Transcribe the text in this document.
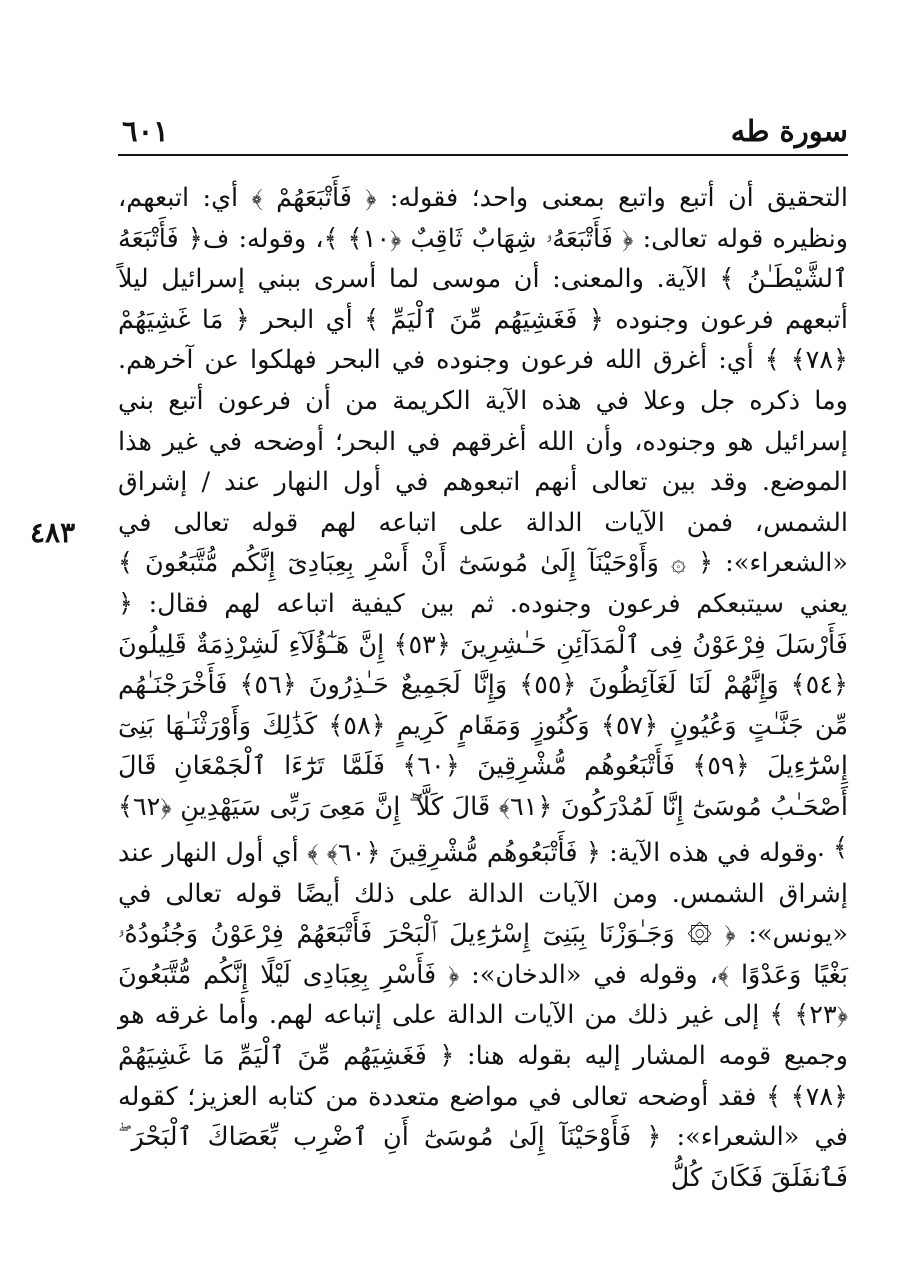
سورة طه
٦٠١
٤٨٣

التحقيق أن أتبع واتبع بمعنى واحد؛ فقوله: ﴿ فَأَتْبَعَهُمْ ﴾ أي: اتبعهم، ونظيره قوله تعالى: ﴿ فَأَتْبَعَهُۥ شِهَابٌ ثَاقِبٌ ﴿١٠﴾ ﴾، وقوله: ف﴿ فَأَتْبَعَهُ ٱلشَّيْطَـٰنُ ﴾ الآية. والمعنى: أن موسى لما أسرى ببني إسرائيل ليلاً أتبعهم فرعون وجنوده ﴿ فَغَشِيَهُم مِّنَ ٱلْيَمِّ ﴾ أي البحر ﴿ مَا غَشِيَهُمْ ﴿٧٨﴾ ﴾ أي: أغرق الله فرعون وجنوده في البحر فهلكوا عن آخرهم. وما ذكره جل وعلا في هذه الآية الكريمة من أن فرعون أتبع بني إسرائيل هو وجنوده، وأن الله أغرقهم في البحر؛ أوضحه في غير هذا الموضع. وقد بين تعالى أنهم اتبعوهم في أول النهار عند / إشراق الشمس، فمن الآيات الدالة على اتباعه لهم قوله تعالى في «الشعراء»: ﴿ ۞ وَأَوْحَيْنَآ إِلَىٰ مُوسَىٰٓ أَنْ أَسْرِ بِعِبَادِىٓ إِنَّكُم مُّتَّبَعُونَ ﴾ يعني سيتبعكم فرعون وجنوده. ثم بين كيفية اتباعه لهم فقال: ﴿ فَأَرْسَلَ فِرْعَوْنُ فِى ٱلْمَدَآئِنِ حَـٰشِرِينَ ﴿٥٣﴾ إِنَّ هَـٰٓؤُلَآءِ لَشِرْذِمَةٌ قَلِيلُونَ ﴿٥٤﴾ وَإِنَّهُمْ لَنَا لَغَآئِظُونَ ﴿٥٥﴾ وَإِنَّا لَجَمِيعٌ حَـٰذِرُونَ ﴿٥٦﴾ فَأَخْرَجْنَـٰهُم مِّن جَنَّـٰتٍ وَعُيُونٍ ﴿٥٧﴾ وَكُنُوزٍ وَمَقَامٍ كَرِيمٍ ﴿٥٨﴾ كَذَٰلِكَ وَأَوْرَثْنَـٰهَا بَنِىٓ إِسْرَٰٓءِيلَ ﴿٥٩﴾ فَأَتْبَعُوهُم مُّشْرِقِينَ ﴿٦٠﴾ فَلَمَّا تَرَٰٓءَا ٱلْجَمْعَانِ قَالَ أَصْحَـٰبُ مُوسَىٰٓ إِنَّا لَمُدْرَكُونَ ﴿٦١﴾ قَالَ كَلَّآ ۖ إِنَّ مَعِىَ رَبِّى سَيَهْدِينِ ﴿٦٢﴾ ﴾ .

وقوله في هذه الآية: ﴿ فَأَتْبَعُوهُم مُّشْرِقِينَ ﴿٦٠﴾ ﴾ أي أول النهار عند إشراق الشمس. ومن الآيات الدالة على ذلك أيضًا قوله تعالى في «يونس»: ﴿ ۞ وَجَـٰوَزْنَا بِبَنِىٓ إِسْرَٰٓءِيلَ ٱلْبَحْرَ فَأَتْبَعَهُمْ فِرْعَوْنُ وَجُنُودُهُۥ بَغْيًا وَعَدْوًا ﴾، وقوله في «الدخان»: ﴿ فَأَسْرِ بِعِبَادِى لَيْلًا إِنَّكُم مُّتَّبَعُونَ ﴿٢٣﴾ ﴾ إلى غير ذلك من الآيات الدالة على إتباعه لهم. وأما غرقه هو وجميع قومه المشار إليه بقوله هنا: ﴿ فَغَشِيَهُم مِّنَ ٱلْيَمِّ مَا غَشِيَهُمْ ﴿٧٨﴾ ﴾ فقد أوضحه تعالى في مواضع متعددة من كتابه العزيز؛ كقوله في «الشعراء»: ﴿ فَأَوْحَيْنَآ إِلَىٰ مُوسَىٰٓ أَنِ ٱضْرِب بِّعَصَاكَ ٱلْبَحْرَ ۖ فَٱنفَلَقَ فَكَانَ كُلُّ
